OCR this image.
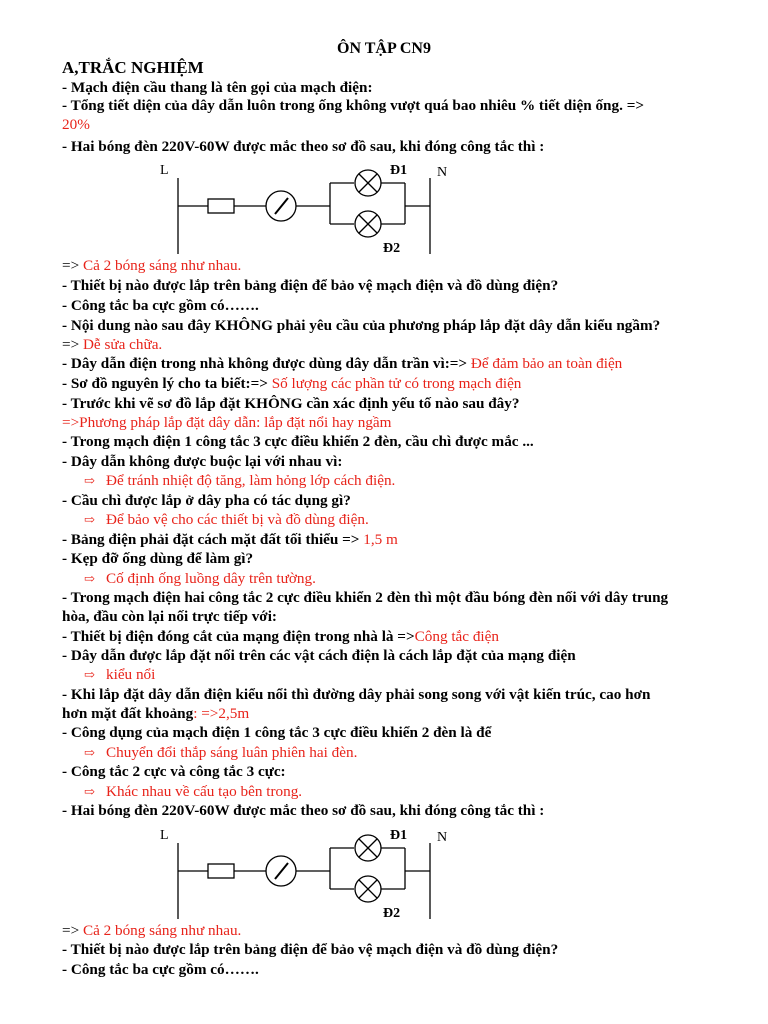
ÔN TẬP CN9
A,TRẮC NGHIỆM
- Mạch điện cầu thang là tên gọi của mạch điện:
- Tổng tiết diện của dây dẫn luôn trong ống không vượt quá bao nhiêu % tiết diện ống. =>
20%
- Hai bóng đèn 220V-60W được mắc theo sơ đồ sau, khi đóng công tắc thì :
=> Cả 2 bóng sáng như nhau.
- Thiết bị nào được lắp trên bảng điện để bảo vệ mạch điện và đồ dùng điện?
- Công tắc ba cực gồm có…….
- Nội dung nào sau đây KHÔNG phải yêu cầu của phương pháp lắp đặt dây dẫn kiểu ngầm?
=> Dễ sửa chữa.
- Dây dẫn điện trong nhà không được dùng dây dẫn trần vì:=> Để đảm bảo an toàn điện
- Sơ đồ nguyên lý cho ta biết:=> Số lượng các phần tử có trong mạch điện
- Trước khi vẽ sơ đồ lắp đặt KHÔNG cần xác định yếu tố nào sau đây?
=>Phương pháp lắp đặt dây dẫn: lắp đặt nổi hay ngầm
- Trong mạch điện 1 công tắc 3 cực điều khiển 2 đèn, cầu chì được mắc ...
- Dây dẫn không được buộc lại với nhau vì:
⇨ Để tránh nhiệt độ tăng, làm hỏng lớp cách điện.
- Cầu chì được lắp ở dây pha có tác dụng gì?
⇨ Để bảo vệ cho các thiết bị và đồ dùng điện.
- Bảng điện phải đặt cách mặt đất tối thiểu => 1,5 m
- Kẹp đỡ ống dùng để làm gì?
⇨ Cố định ống luồng dây trên tường.
- Trong mạch điện hai công tắc 2 cực điều khiển 2 đèn thì một đầu bóng đèn nối với dây trung
hòa, đầu còn lại nối trực tiếp với:
- Thiết bị điện đóng cắt của mạng điện trong nhà là =>Công tắc điện
- Dây dẫn được lắp đặt nối trên các vật cách điện là cách lắp đặt của mạng điện
⇨ kiểu nổi
- Khi lắp đặt dây dẫn điện kiểu nổi thì đường dây phải song song với vật kiến trúc, cao hơn
hơn mặt đất khoảng: =>2,5m
- Công dụng của mạch điện 1 công tắc 3 cực điều khiển 2 đèn là để
⇨ Chuyển đổi thắp sáng luân phiên hai đèn.
- Công tắc 2 cực và công tắc 3 cực:
⇨ Khác nhau về cấu tạo bên trong.
- Hai bóng đèn 220V-60W được mắc theo sơ đồ sau, khi đóng công tắc thì :
=> Cả 2 bóng sáng như nhau.
- Thiết bị nào được lắp trên bảng điện để bảo vệ mạch điện và đồ dùng điện?
- Công tắc ba cực gồm có…….
L	N
Đ1
Đ2
L	N
Đ1
Đ2
